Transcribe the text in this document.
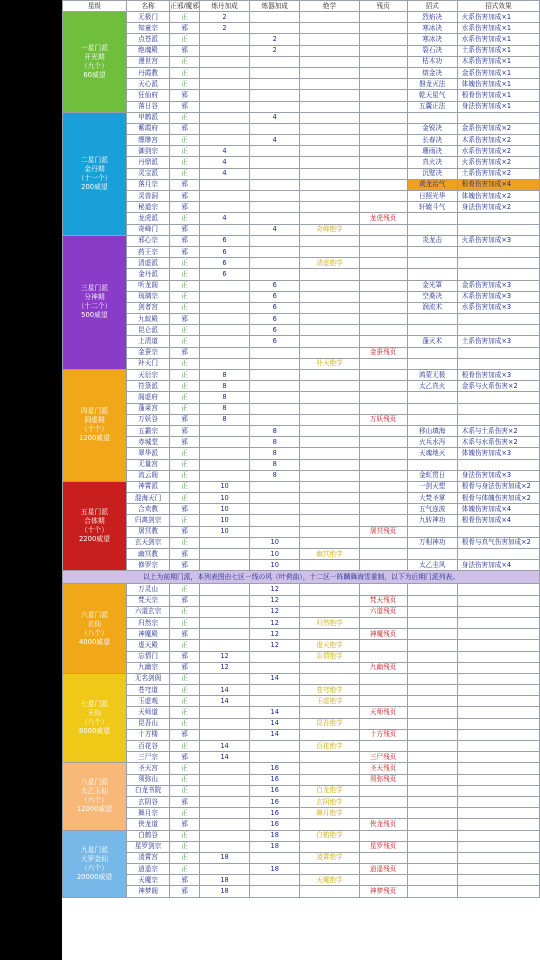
星级	名称	正邪/魔邪	炼丹加成	炼器加成	绝学	残页	招式	招式效果

一星门派
开光期
（九个）
60威望	无极门	正	2				烈焰决	火系伤害加成×1
	知童宗	邪	2				寒冰决	水系伤害加成×1
	点苍派	正		2			寒冰决	水系伤害加成×1
	绝魂殿	邪		2			裂石决	土系伤害加成×1
	漫世宫	正					枯木功	木系伤害加成×1
	丹霞教	正					熔金决	金系伤害加成×1
	天心派	正					磐龙灭法	体魄伤害加成×1
	狂仙府	邪					乾天星气	根骨伤害加成×1
	落日谷	邪					五囊正法	身法伤害加成×1

二星门派
金丹期
（十一个）
200威望	甲鹤派	正		4				
	紫霞府	邪					金锐决	金系伤害加成×2
	缥缈宫	正		4			长春决	木系伤害加成×2
	御剑宗	正	4				珊雨决	水系伤害加成×2
	丹鼎派	正	4				真火决	火系伤害加成×2
	灵宝派	正	4				沉壁决	土系伤害加成×2
	落月宗	邪					黄龙治气	根骨伤害加成×4
	灵兽洞	邪					日照光华	体魄伤害加成×2
	秘道宗	邪					轩辕斗气	身法伤害加成×2
	龙虎派	正	4			龙虎残页		
	奇峰门	邪		4	奇峰绝学			

三星门派
分神期
（十二个）
500威望	邪心宗	邪	6				炎龙击	火系伤害加成×3
	药王宗	邪	6					
	清虚派	正	6		清虚绝学			
	金丹派	正	6					
	听龙阁	正		6			金光罩	金系伤害加成×3
	琉璃宗	正		6			空桑决	木系伤害加成×3
	剑者宫	正		6			润流术	水系伤害加成×3
	九蚁殿	邪		6				
	昆仑派	正		6				
	上清道	正		6			蓬灭术	土系伤害加成×3
	金蚕宗	邪				金蚕残页		
	补天门	正			补天绝学			

四星门派
洞虚期
（十个）
1200威望	天衍宗	正	8				鸿蒙无极	根骨伤害加成×3
	符箓派	正	8				太乙真火	金系与火系伤害×2
	阁虚府	正	8					
	蓬莱宫	正	8					
	万妖谷	邪	8			万妖残页		
	五霸宗	邪		8			移山填海	木系与土系伤害×2
	赤城堂	邪		8			火兵水泻	木系与水系伤害×2
	翠华派	正		8			天魂地灭	体魄伤害加成×3
	无量宫	正		8				
	流云阁	正		8			金虹贯日	身法伤害加成×3

五星门派
合体期
（十个）
2200威望	神霄派	正	10				一剑天塑	根骨与身法伤害加成×2
	混海天门	正	10				大梵圣掌	根骨与体魄伤害加成×2
	合欢教	邪	10				五气连波	体魄伤害加成×4
	归离剑宗	正	10				九转神功	根骨伤害加成×4
	屠冥教	邪	10			屠冥残页		
	玄天剑宗	正		10			万相神功	根骨与真气伤害加成×2
	幽冥教	邪		10	幽冥绝学			
	修罗宗	邪		10			太乙圭风	身法伤害加成×4
以上为前期门派，本列表图由七区一线の风（叶荷曲），十二区一阵麟舞海雪重制，以下为后期门派列表。								

六星门派
玄仙
（八个）
4000威望	万灵山	正		12				
	梵天宗	邪		12		梵天残页		
	六道玄宗	正		12		六道残页		
	归然宗	正		12	归然绝学			
	神魔殿	邪		12		神魔残页		
	虚天殿	正		12	虚天绝学			
	忘情门	邪	12		忘情绝学			
	九幽宗	邪	12			九幽残页		

七星门派
天仙
（八个）
8000威望	无名剑阁	正		14				
	苍穹道	正	14		苍穹绝学			
	玉虚观	正	14		玉虚绝学			
	天师道	正		14		天师残页		
	昆吾山	正		14	昆吾绝学			
	十方楼	邪		14		十方残页		
	百花谷	正	14		百花绝学			
	三尸宗	邪	14			三尸残页		

八星门派
太乙玉仙
（六个）
12000威望	圣天宫	正		16		圣天残页		
	须弥山	正		16		须弥残页		
	白龙书院	正		16	白龙绝学			
	玄阴谷	邪		16	玄阴绝学			
	舞月宗	正		16	舞月绝学			
	侠龙道	邪		16		侠龙残页		

九星门派
大罗金仙
（六个）
20000威望	白鹤谷	正		18	白鹤绝学			
	星罗剑宗	正		18		星罗残页		
	凌霄宫	正	18		凌霄绝学			
	逍遥宗	正		18		逍遥残页		
	天魔宗	邪	18		天魔绝学			
	神梦阁	邪	18			神梦残页		
